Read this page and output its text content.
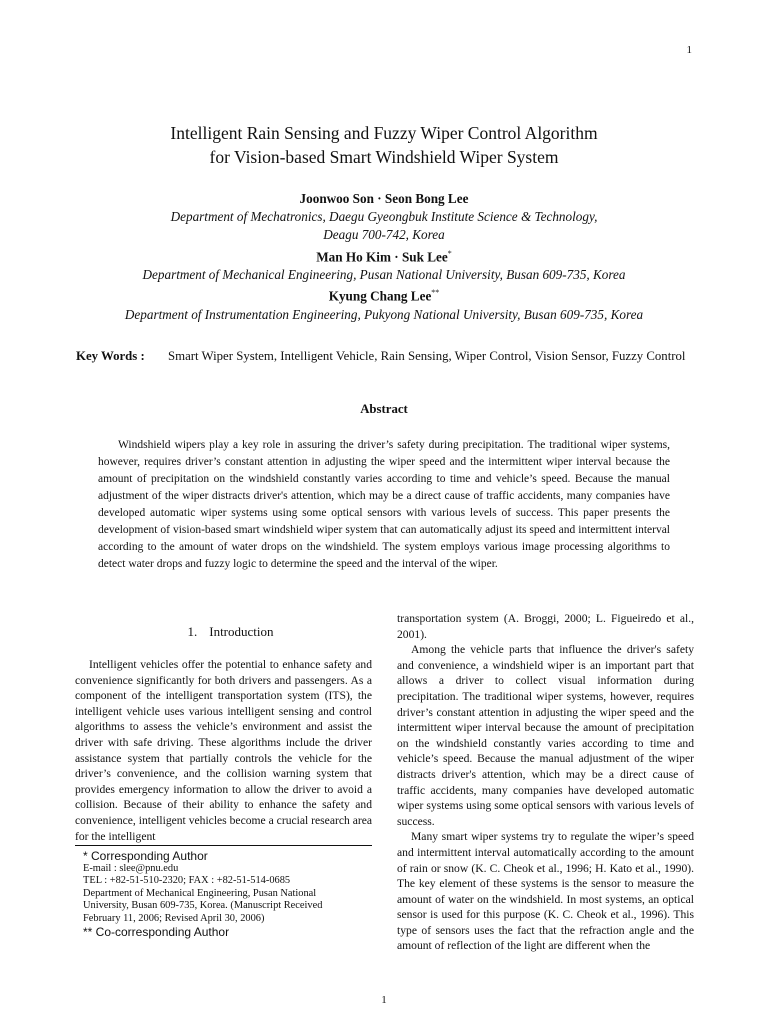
1
Intelligent Rain Sensing and Fuzzy Wiper Control Algorithm
for Vision-based Smart Windshield Wiper System
Joonwoo Son · Seon Bong Lee
Department of Mechatronics, Daegu Gyeongbuk Institute Science & Technology,
Deagu 700-742, Korea
Man Ho Kim · Suk Lee*
Department of Mechanical Engineering, Pusan National University, Busan 609-735, Korea
Kyung Chang Lee**
Department of Instrumentation Engineering, Pukyong National University, Busan 609-735, Korea
Key Words :	Smart Wiper System, Intelligent Vehicle, Rain Sensing, Wiper Control, Vision Sensor, Fuzzy Control
Abstract

Windshield wipers play a key role in assuring the driver’s safety during precipitation. The traditional wiper systems, however, requires driver’s constant attention in adjusting the wiper speed and the intermittent wiper interval because the amount of precipitation on the windshield constantly varies according to time and vehicle’s speed. Because the manual adjustment of the wiper distracts driver's attention, which may be a direct cause of traffic accidents, many companies have developed automatic wiper systems using some optical sensors with various levels of success. This paper presents the development of vision-based smart windshield wiper system that can automatically adjust its speed and intermittent interval according to the amount of water drops on the windshield. The system employs various image processing algorithms to detect water drops and fuzzy logic to determine the speed and the interval of the wiper.

1. Introduction

Intelligent vehicles offer the potential to enhance safety and convenience significantly for both drivers and passengers. As a component of the intelligent transportation system (ITS), the intelligent vehicle uses various intelligent sensing and control algorithms to assess the vehicle’s environment and assist the driver with safe driving. These algorithms include the driver assistance system that partially controls the vehicle for the driver’s convenience, and the collision warning system that provides emergency information to allow the driver to avoid a collision. Because of their ability to enhance the safety and convenience, intelligent vehicles become a crucial research area for the intelligent

* Corresponding Author

E-mail : slee@pnu.edu

TEL : +82-51-510-2320; FAX : +82-51-514-0685

Department of Mechanical Engineering, Pusan National

University, Busan 609-735, Korea. (Manuscript Received

February 11, 2006; Revised April 30, 2006)

** Co-corresponding Author

transportation system (A. Broggi, 2000; L. Figueiredo et al., 2001).

Among the vehicle parts that influence the driver's safety and convenience, a windshield wiper is an important part that allows a driver to collect visual information during precipitation. The traditional wiper systems, however, requires driver’s constant attention in adjusting the wiper speed and the intermittent wiper interval because the amount of precipitation on the windshield constantly varies according to time and vehicle’s speed. Because the manual adjustment of the wiper distracts driver's attention, which may be a direct cause of traffic accidents, many companies have developed automatic wiper systems using some optical sensors with various levels of success.

Many smart wiper systems try to regulate the wiper’s speed and intermittent interval automatically according to the amount of rain or snow (K. C. Cheok et al., 1996; H. Kato et al., 1990). The key element of these systems is the sensor to measure the amount of water on the windshield. In most systems, an optical sensor is used for this purpose (K. C. Cheok et al., 1996). This type of sensors uses the fact that the refraction angle and the amount of reflection of the light are different when the

1
